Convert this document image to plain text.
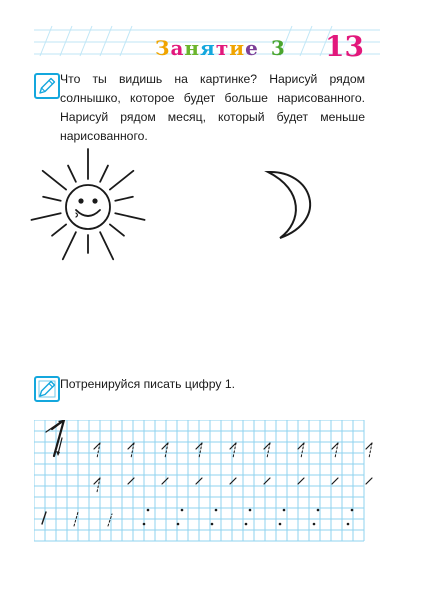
Занятие 3 13

Что ты видишь на картинке? Нарисуй рядом солнышко, которое будет больше нарисованного. Нарисуй рядом месяц, который будет меньше нарисованного.

Потренируйся писать цифру 1.
